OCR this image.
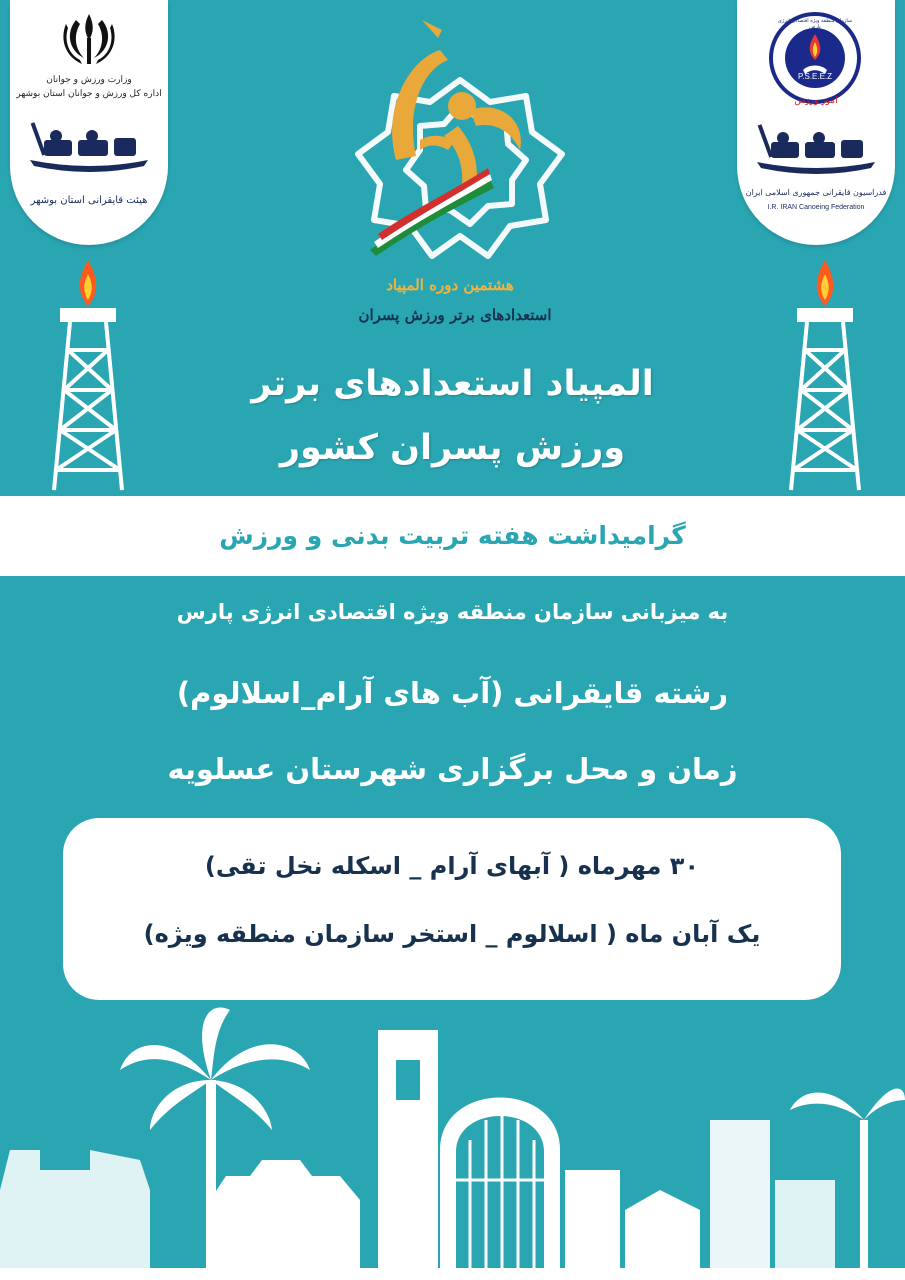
وزارت ورزش و جوانان
اداره کل ورزش و جوانان استان بوشهر
هیئت قایقرانی استان بوشهر
سازمان منطقه ویژه اقتصادی انرژی پارس
P.S.E.E.Z
امور ورزش
فدراسیون قایقرانی جمهوری اسلامی ایران
I.R. IRAN Canoeing Federation
هشتمین دوره المپیاد
استعدادهای برتر ورزش پسران
المپیاد استعدادهای برتر
ورزش پسران کشور
گرامیداشت هفته تربیت بدنی و ورزش
به میزبانی سازمان منطقه ویژه اقتصادی انرژی پارس
رشته قایقرانی (آب های آرام_اسلالوم)
زمان و محل برگزاری شهرستان عسلویه
۳۰ مهرماه ( آبهای آرام _ اسکله نخل تقی)
یک آبان ماه ( اسلالوم _ استخر سازمان منطقه ویژه)
